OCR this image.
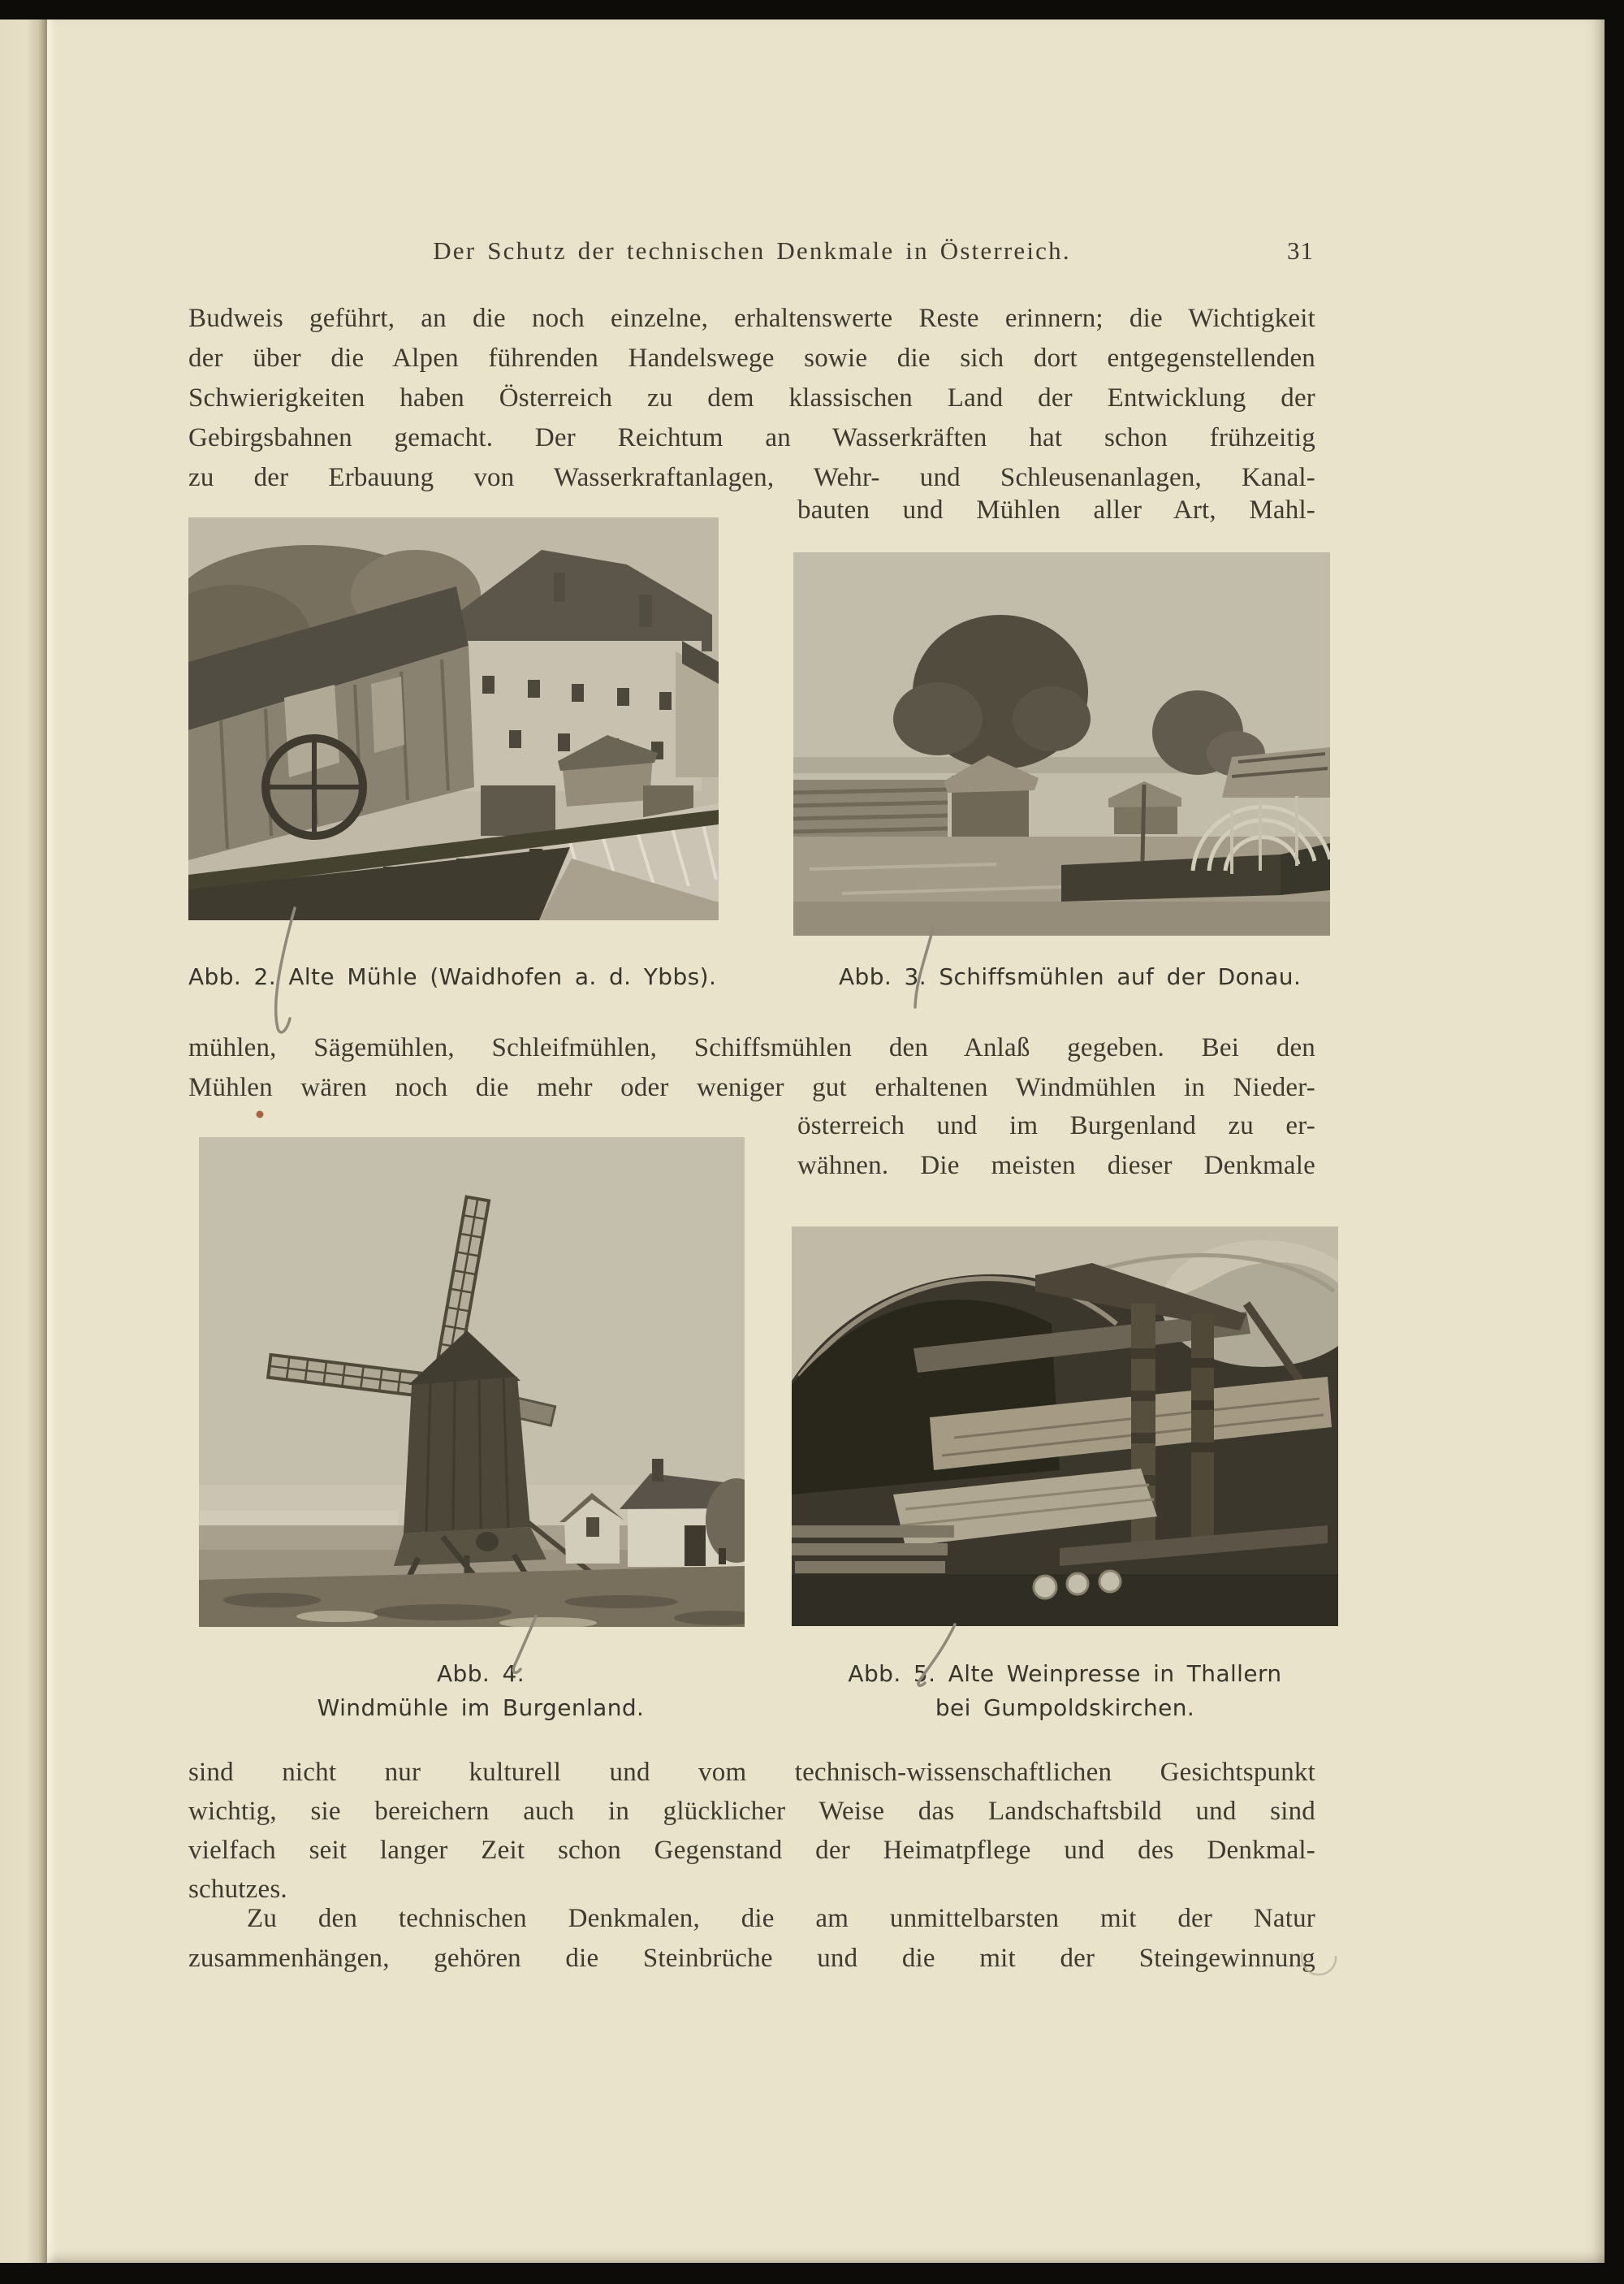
Der Schutz der technischen Denkmale in Österreich.	31
Budweis geführt, an die noch einzelne, erhaltenswerte Reste erinnern; die Wichtigkeit
der über die Alpen führenden Handelswege sowie die sich dort entgegenstellenden
Schwierigkeiten haben Österreich zu dem klassischen Land der Entwicklung der
Gebirgsbahnen gemacht. Der Reichtum an Wasserkräften hat schon frühzeitig
zu der Erbauung von Wasserkraftanlagen, Wehr- und Schleusenanlagen, Kanal-
bauten und Mühlen aller Art, Mahl-
Abb. 2. Alte Mühle (Waidhofen a. d. Ybbs).	Abb. 3. Schiffsmühlen auf der Donau.
mühlen, Sägemühlen, Schleifmühlen, Schiffsmühlen den Anlaß gegeben. Bei den
Mühlen wären noch die mehr oder weniger gut erhaltenen Windmühlen in Nieder-
österreich und im Burgenland zu er-
wähnen. Die meisten dieser Denkmale
Abb. 4.
Windmühle im Burgenland.
Abb. 5. Alte Weinpresse in Thallern
bei Gumpoldskirchen.
sind nicht nur kulturell und vom technisch-wissenschaftlichen Gesichtspunkt
wichtig, sie bereichern auch in glücklicher Weise das Landschaftsbild und sind
vielfach seit langer Zeit schon Gegenstand der Heimatpflege und des Denkmal-
schutzes.
Zu den technischen Denkmalen, die am unmittelbarsten mit der Natur
zusammenhängen, gehören die Steinbrüche und die mit der Steingewinnung
